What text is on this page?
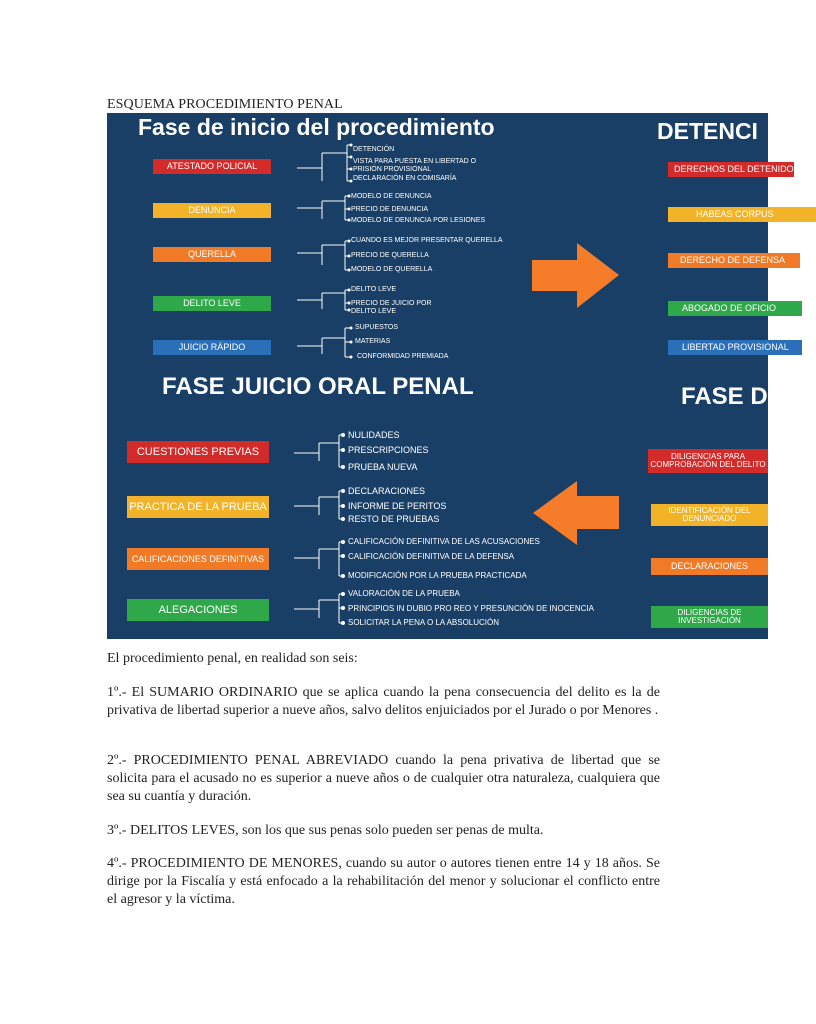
ESQUEMA PROCEDIMIENTO PENAL
Fase de inicio del procedimiento	DETENCI
FASE JUICIO ORAL PENAL	FASE D
ATESTADO POLICIAL
DENUNCIA
QUERELLA
DELITO LEVE
JUICIO RÁPIDO
DETENCIÓN
VISTA PARA PUESTA EN LIBERTAD O
PRISIÓN PROVISIONAL
DECLARACIÓN EN COMISARÍA
MODELO DE DENUNCIA
PRECIO DE DENUNCIA
MODELO DE DENUNCIA POR LESIONES
CUANDO ES MEJOR PRESENTAR QUERELLA
PRECIO DE QUERELLA
MODELO DE QUERELLA
DELITO LEVE
PRECIO DE JUICIO POR
DELITO LEVE
SUPUESTOS
MATERIAS
CONFORMIDAD PREMIADA
CUESTIONES PREVIAS
PRACTICA DE LA PRUEBA
CALIFICACIONES DEFINITIVAS
ALEGACIONES
NULIDADES
PRESCRIPCIONES
PRUEBA NUEVA
DECLARACIONES
INFORME DE PERITOS
RESTO DE PRUEBAS
CALIFICACIÓN DEFINITIVA DE LAS ACUSACIONES
CALIFICACIÓN DEFINITIVA DE LA DEFENSA
MODIFICACIÓN POR LA PRUEBA PRACTICADA
VALORACIÓN DE LA PRUEBA
PRINCIPIOS IN DUBIO PRO REO Y PRESUNCIÓN DE INOCENCIA
SOLICITAR LA PENA O LA ABSOLUCIÓN
DERECHOS DEL DETENIDO
HABEAS CORPUS
DERECHO DE DEFENSA
ABOGADO DE OFICIO
LIBERTAD PROVISIONAL
DILIGENCIAS PARA COMPROBACIÓN DEL DELITO
IDENTIFICACIÓN DEL DENUNCIADO
DECLARACIONES
DILIGENCIAS DE INVESTIGACIÓN
El procedimiento penal, en realidad son seis:
1º.- El SUMARIO ORDINARIO que se aplica cuando la pena consecuencia del delito es la de privativa de libertad superior a nueve años, salvo delitos enjuiciados por el Jurado o por Menores .
2º.- PROCEDIMIENTO PENAL ABREVIADO cuando la pena privativa de libertad que se solicita para el acusado no es superior a nueve años o de cualquier otra naturaleza, cualquiera que sea su cuantía y duración.
3º.- DELITOS LEVES, son los que sus penas solo pueden ser penas de multa.
4º.- PROCEDIMIENTO DE MENORES, cuando su autor o autores tienen entre 14 y 18 años. Se dirige por la Fiscalía y está enfocado a la rehabilitación del menor y solucionar el conflicto entre el agresor y la víctima.
